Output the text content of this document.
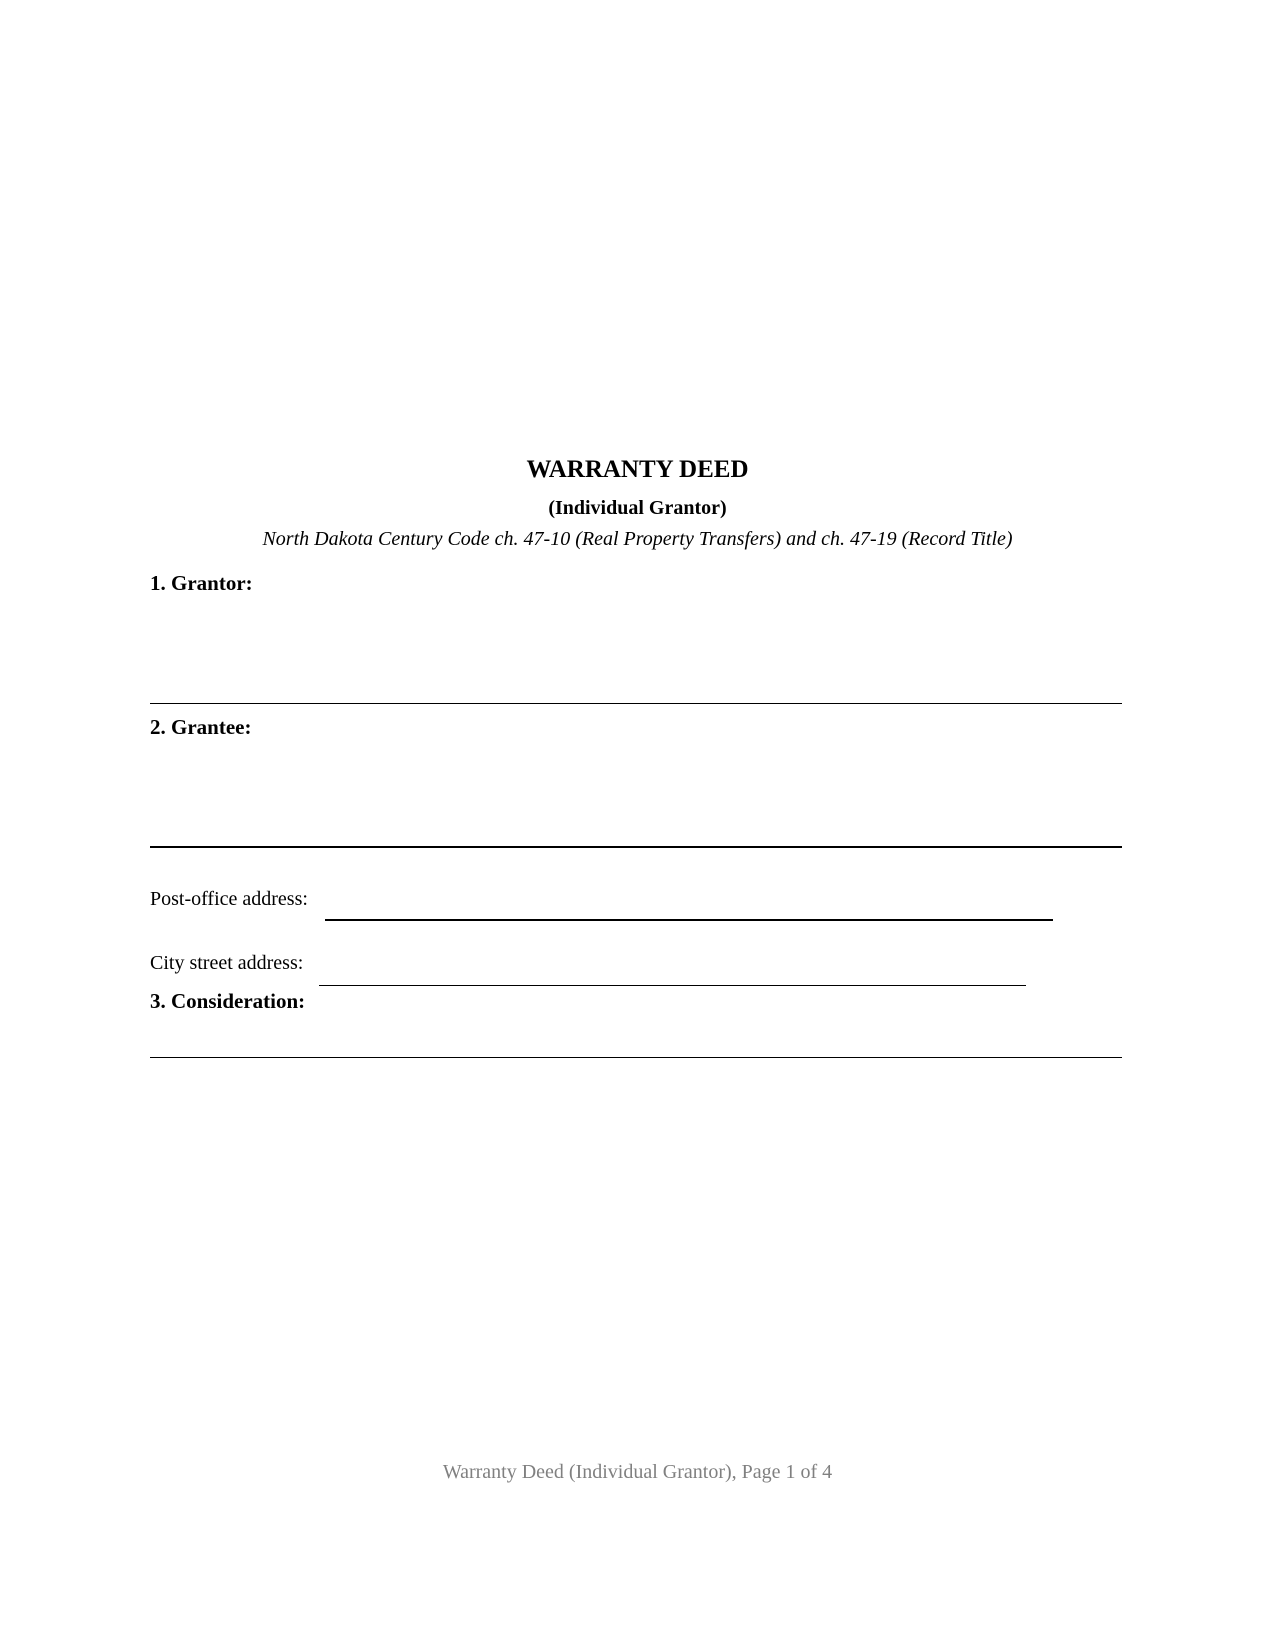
WARRANTY DEED
(Individual Grantor)
North Dakota Century Code ch. 47-10 (Real Property Transfers) and ch. 47-19 (Record Title)
1. Grantor:
2. Grantee:
Post-office address:
City street address:
3. Consideration:
Warranty Deed (Individual Grantor), Page 1 of 4
